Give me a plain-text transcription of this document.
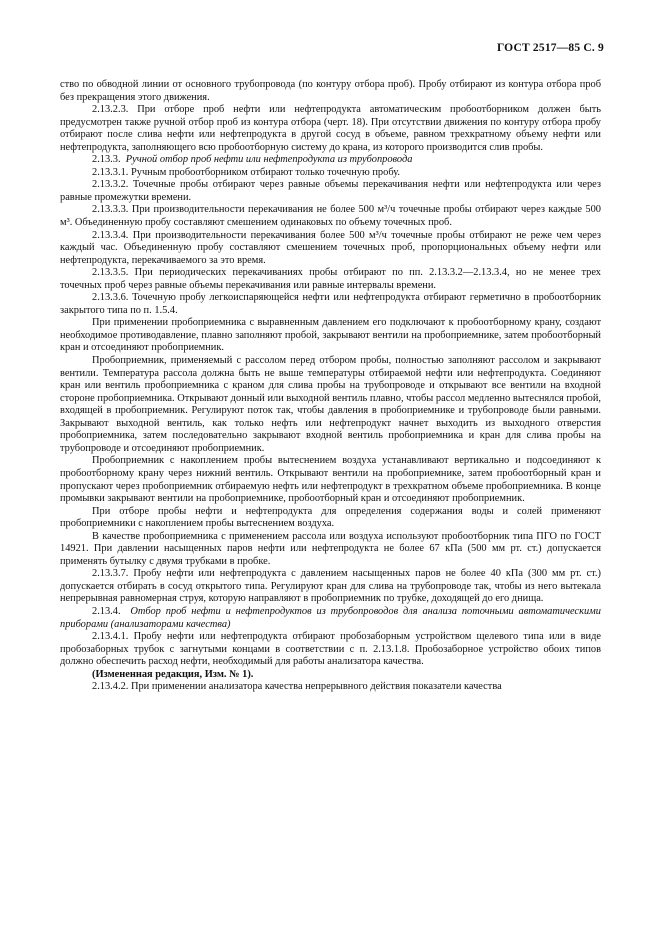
ГОСТ 2517—85 С. 9

ство по обводной линии от основного трубопровода (по контуру отбора проб). Пробу отбирают из контура отбора проб без прекращения этого движения.

2.13.2.3. При отборе проб нефти или нефтепродукта автоматическим пробоотборником должен быть предусмотрен также ручной отбор проб из контура отбора (черт. 18). При отсутствии движения по контуру отбора пробу отбирают после слива нефти или нефтепродукта в другой сосуд в объеме, равном трехкратному объему нефти или нефтепродукта, заполняющего всю пробоотборную систему до крана, из которого производится слив пробы.

2.13.3. Ручной отбор проб нефти или нефтепродукта из трубопровода

2.13.3.1. Ручным пробоотборником отбирают только точечную пробу.

2.13.3.2. Точечные пробы отбирают через равные объемы перекачивания нефти или нефтепродукта или через равные промежутки времени.

2.13.3.3. При производительности перекачивания не более 500 м³/ч точечные пробы отбирают через каждые 500 м³. Объединенную пробу составляют смешением одинаковых по объему точечных проб.

2.13.3.4. При производительности перекачивания более 500 м³/ч точечные пробы отбирают не реже чем через каждый час. Объединенную пробу составляют смешением точечных проб, пропорциональных объему нефти или нефтепродукта, перекачиваемого за это время.

2.13.3.5. При периодических перекачиваниях пробы отбирают по пп. 2.13.3.2—2.13.3.4, но не менее трех точечных проб через равные объемы перекачивания или равные интервалы времени.

2.13.3.6. Точечную пробу легкоиспаряющейся нефти или нефтепродукта отбирают герметично в пробоотборник закрытого типа по п. 1.5.4.

При применении пробоприемника с выравненным давлением его подключают к пробоотборному крану, создают необходимое противодавление, плавно заполняют пробой, закрывают вентили на пробоприемнике, затем пробоотборный кран и отсоединяют пробоприемник.

Пробоприемник, применяемый с рассолом перед отбором пробы, полностью заполняют рассолом и закрывают вентили. Температура рассола должна быть не выше температуры отбираемой нефти или нефтепродукта. Соединяют кран или вентиль пробоприемника с краном для слива пробы на трубопроводе и открывают все вентили на входной стороне пробоприемника. Открывают донный или выходной вентиль плавно, чтобы рассол медленно вытеснялся пробой, входящей в пробоприемник. Регулируют поток так, чтобы давления в пробоприемнике и трубопроводе были равными. Закрывают выходной вентиль, как только нефть или нефтепродукт начнет выходить из выходного отверстия пробоприемника, затем последовательно закрывают входной вентиль пробоприемника и кран для слива пробы на трубопроводе и отсоединяют пробоприемник.

Пробоприемник с накоплением пробы вытеснением воздуха устанавливают вертикально и подсоединяют к пробоотборному крану через нижний вентиль. Открывают вентили на пробоприемнике, затем пробоотборный кран и пропускают через пробоприемник отбираемую нефть или нефтепродукт в трехкратном объеме пробоприемника. В конце промывки закрывают вентили на пробоприемнике, пробоотборный кран и отсоединяют пробоприемник.

При отборе пробы нефти и нефтепродукта для определения содержания воды и солей применяют пробоприемники с накоплением пробы вытеснением воздуха.

В качестве пробоприемника с применением рассола или воздуха используют пробоотборник типа ПГО по ГОСТ 14921. При давлении насыщенных паров нефти или нефтепродукта не более 67 кПа (500 мм рт. ст.) допускается применять бутылку с двумя трубками в пробке.

2.13.3.7. Пробу нефти или нефтепродукта с давлением насыщенных паров не более 40 кПа (300 мм рт. ст.) допускается отбирать в сосуд открытого типа. Регулируют кран для слива на трубопроводе так, чтобы из него вытекала непрерывная равномерная струя, которую направляют в пробоприемник по трубке, доходящей до его днища.

2.13.4. Отбор проб нефти и нефтепродуктов из трубопроводов для анализа поточными автоматическими приборами (анализаторами качества)

2.13.4.1. Пробу нефти или нефтепродукта отбирают пробозаборным устройством щелевого типа или в виде пробозаборных трубок с загнутыми концами в соответствии с п. 2.13.1.8. Пробозаборное устройство обоих типов должно обеспечить расход нефти, необходимый для работы анализатора качества.

(Измененная редакция, Изм. № 1).

2.13.4.2. При применении анализатора качества непрерывного действия показатели качества
